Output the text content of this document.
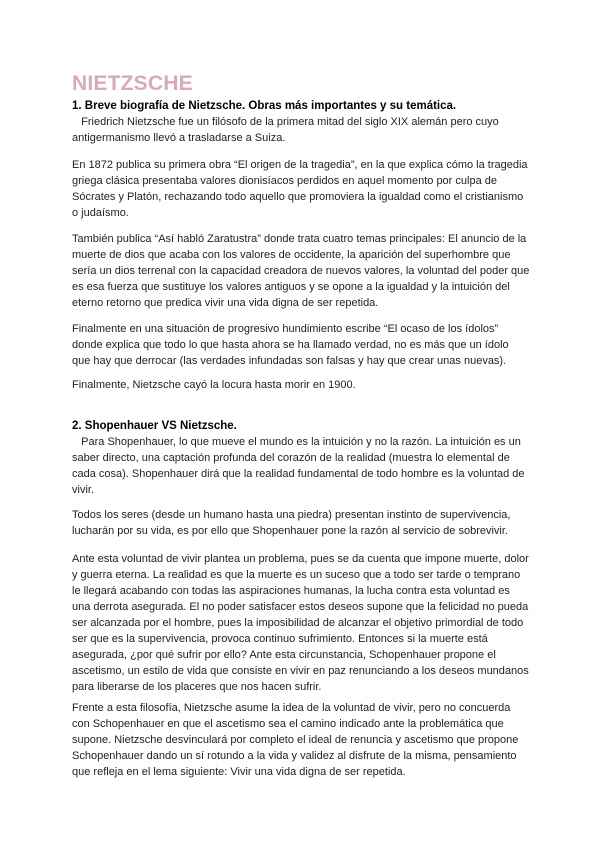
NIETZSCHE

1. Breve biografía de Nietzsche. Obras más importantes y su temática.

Friedrich Nietzsche fue un filósofo de la primera mitad del siglo XIX alemán pero cuyo antigermanismo llevó a trasladarse a Suiza.

En 1872 publica su primera obra “El origen de la tragedia”, en la que explica cómo la tragedia griega clásica presentaba valores dionisíacos perdidos en aquel momento por culpa de Sócrates y Platón, rechazando todo aquello que promoviera la igualdad como el cristianismo o judaísmo.

También publica “Así habló Zaratustra” donde trata cuatro temas principales: El anuncio de la muerte de dios que acaba con los valores de occidente, la aparición del superhombre que sería un dios terrenal con la capacidad creadora de nuevos valores, la voluntad del poder que es esa fuerza que sustituye los valores antiguos y se opone a la igualdad y la intuición del eterno retorno que predica vivir una vida digna de ser repetida.

Finalmente en una situación de progresivo hundimiento escribe “El ocaso de los ídolos” donde explica que todo lo que hasta ahora se ha llamado verdad, no es más que un ídolo que hay que derrocar (las verdades infundadas son falsas y hay que crear unas nuevas).

Finalmente, Nietzsche cayó la locura hasta morir en 1900.

2. Shopenhauer VS Nietzsche.

Para Shopenhauer, lo que mueve el mundo es la intuición y no la razón. La intuición es un saber directo, una captación profunda del corazón de la realidad (muestra lo elemental de cada cosa). Shopenhauer dirá que la realidad fundamental de todo hombre es la voluntad de vivir.

Todos los seres (desde un humano hasta una piedra) presentan instinto de supervivencia, lucharán por su vida, es por ello que Shopenhauer pone la razón al servicio de sobrevivir.

Ante esta voluntad de vivir plantea un problema, pues se da cuenta que impone muerte, dolor y guerra eterna. La realidad es que la muerte es un suceso que a todo ser tarde o temprano le llegará acabando con todas las aspiraciones humanas, la lucha contra esta voluntad es una derrota asegurada. El no poder satisfacer estos deseos supone que la felicidad no pueda ser alcanzada por el hombre, pues la imposibilidad de alcanzar el objetivo primordial de todo ser que es la supervivencia, provoca continuo sufrimiento. Entonces si la muerte está asegurada, ¿por qué sufrir por ello? Ante esta circunstancia, Schopenhauer propone el ascetismo, un estilo de vida que consiste en vivir en paz renunciando a los deseos mundanos para liberarse de los placeres que nos hacen sufrir.

Frente a esta filosofía, Nietzsche asume la idea de la voluntad de vivir, pero no concuerda con Schopenhauer en que el ascetismo sea el camino indicado ante la problemática que supone. Nietzsche desvinculará por completo el ideal de renuncia y ascetismo que propone Schopenhauer dando un sí rotundo a la vida y validez al disfrute de la misma, pensamiento que refleja en el lema siguiente: Vivir una vida digna de ser repetida.
